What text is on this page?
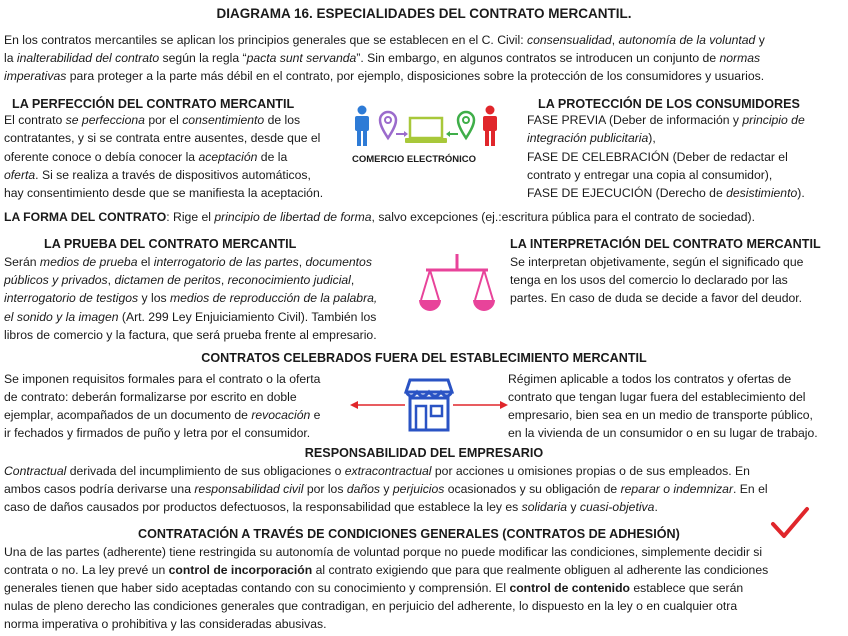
DIAGRAMA 16. ESPECIALIDADES DEL CONTRATO MERCANTIL.
En los contratos mercantiles se aplican los principios generales que se establecen en el C. Civil: consensualidad, autonomía de la voluntad y
la inalterabilidad del contrato según la regla “pacta sunt servanda”. Sin embargo, en algunos contratos se introducen un conjunto de normas
imperativas para proteger a la parte más débil en el contrato, por ejemplo, disposiciones sobre la protección de los consumidores y usuarios.
LA PERFECCIÓN DEL CONTRATO MERCANTIL
El contrato se perfecciona por el consentimiento de los
contratantes, y si se contrata entre ausentes, desde que el
oferente conoce o debía conocer la aceptación de la
oferta. Si se realiza a través de dispositivos automáticos,
hay consentimiento desde que se manifiesta la aceptación.
COMERCIO ELECTRÓNICO
LA PROTECCIÓN DE LOS CONSUMIDORES
FASE PREVIA (Deber de información y principio de
integración publicitaria),
FASE DE CELEBRACIÓN (Deber de redactar el
contrato y entregar una copia al consumidor),
FASE DE EJECUCIÓN (Derecho de desistimiento).
LA FORMA DEL CONTRATO: Rige el principio de libertad de forma, salvo excepciones (ej.:escritura pública para el contrato de sociedad).
LA PRUEBA DEL CONTRATO MERCANTIL
Serán medios de prueba el interrogatorio de las partes, documentos
públicos y privados, dictamen de peritos, reconocimiento judicial,
interrogatorio de testigos y los medios de reproducción de la palabra,
el sonido y la imagen (Art. 299 Ley Enjuiciamiento Civil). También los
libros de comercio y la factura, que será prueba frente al empresario.
LA INTERPRETACIÓN DEL CONTRATO MERCANTIL
Se interpretan objetivamente, según el significado que
tenga en los usos del comercio lo declarado por las
partes. En caso de duda se decide a favor del deudor.
CONTRATOS CELEBRADOS FUERA DEL ESTABLECIMIENTO MERCANTIL
Se imponen requisitos formales para el contrato o la oferta
de contrato: deberán formalizarse por escrito en doble
ejemplar, acompañados de un documento de revocación e
ir fechados y firmados de puño y letra por el consumidor.
Régimen aplicable a todos los contratos y ofertas de
contrato que tengan lugar fuera del establecimiento del
empresario, bien sea en un medio de transporte público,
en la vivienda de un consumidor o en su lugar de trabajo.
RESPONSABILIDAD DEL EMPRESARIO
Contractual derivada del incumplimiento de sus obligaciones o extracontractual por acciones u omisiones propias o de sus empleados. En
ambos casos podría derivarse una responsabilidad civil por los daños y perjuicios ocasionados y su obligación de reparar o indemnizar. En el
caso de daños causados por productos defectuosos, la responsabilidad que establece la ley es solidaria y cuasi-objetiva.
CONTRATACIÓN A TRAVÉS DE CONDICIONES GENERALES (CONTRATOS DE ADHESIÓN)
Una de las partes (adherente) tiene restringida su autonomía de voluntad porque no puede modificar las condiciones, simplemente decidir si
contrata o no. La ley prevé un control de incorporación al contrato exigiendo que para que realmente obliguen al adherente las condiciones
generales tienen que haber sido aceptadas contando con su conocimiento y comprensión. El control de contenido establece que serán
nulas de pleno derecho las condiciones generales que contradigan, en perjuicio del adherente, lo dispuesto en la ley o en cualquier otra
norma imperativa o prohibitiva y las consideradas abusivas.
